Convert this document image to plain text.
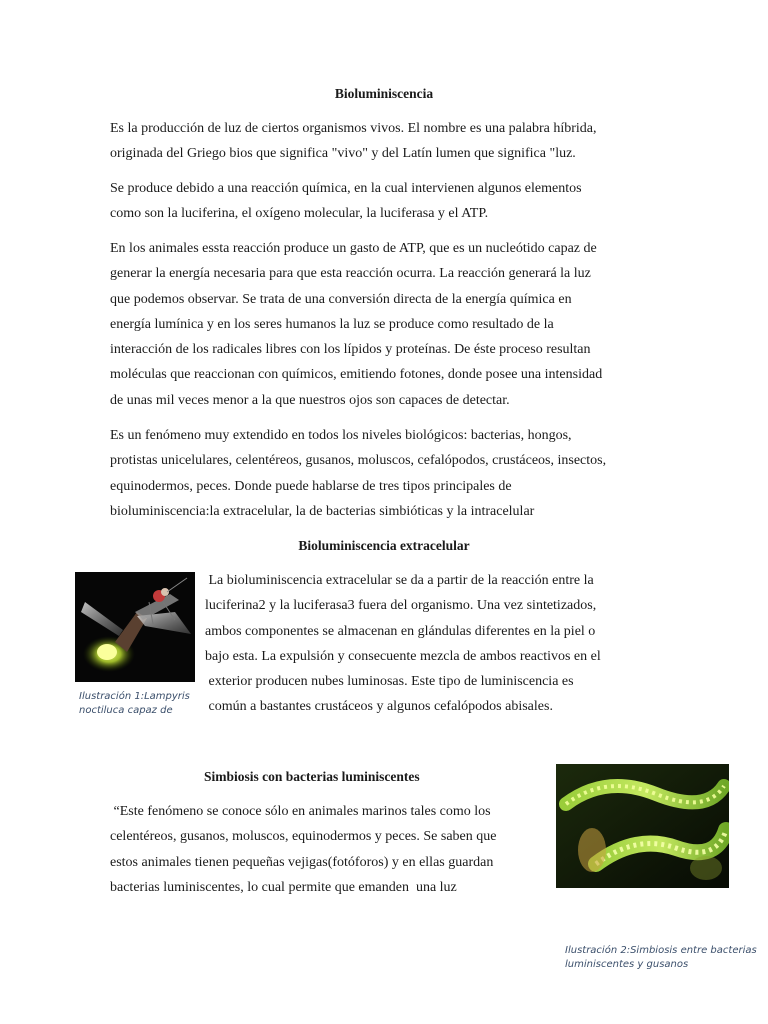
Bioluminiscencia
Es la producción de luz de ciertos organismos vivos. El nombre es una palabra híbrida,
originada del Griego bios que significa "vivo" y del Latín lumen que significa "luz.
Se produce debido a una reacción química, en la cual intervienen algunos elementos
como son la luciferina, el oxígeno molecular, la luciferasa y el ATP.
En los animales essta reacción produce un gasto de ATP, que es un nucleótido capaz de
generar la energía necesaria para que esta reacción ocurra. La reacción generará la luz
que podemos observar. Se trata de una conversión directa de la energía química en
energía lumínica y en los seres humanos la luz se produce como resultado de la
interacción de los radicales libres con los lípidos y proteínas. De éste proceso resultan
moléculas que reaccionan con químicos, emitiendo fotones, donde posee una intensidad
de unas mil veces menor a la que nuestros ojos son capaces de detectar.
Es un fenómeno muy extendido en todos los niveles biológicos: bacterias, hongos,
protistas unicelulares, celentéreos, gusanos, moluscos, cefalópodos, crustáceos, insectos,
equinodermos, peces. Donde puede hablarse de tres tipos principales de
bioluminiscencia:la extracelular, la de bacterias simbióticas y la intracelular
Bioluminiscencia extracelular
Ilustración 1:Lampyris
noctiluca capaz de
La bioluminiscencia extracelular se da a partir de la reacción entre la
luciferina2 y la luciferasa3 fuera del organismo. Una vez sintetizados,
ambos componentes se almacenan en glándulas diferentes en la piel o
bajo esta. La expulsión y consecuente mezcla de ambos reactivos en el
exterior producen nubes luminosas. Este tipo de luminiscencia es
común a bastantes crustáceos y algunos cefalópodos abisales.
Simbiosis con bacterias luminiscentes
“Este fenómeno se conoce sólo en animales marinos tales como los
celentéreos, gusanos, moluscos, equinodermos y peces. Se saben que
estos animales tienen pequeñas vejigas(fotóforos) y en ellas guardan
bacterias luminiscentes, lo cual permite que emanden  una luz
Ilustración 2:Simbiosis entre bacterias
luminiscentes y gusanos
